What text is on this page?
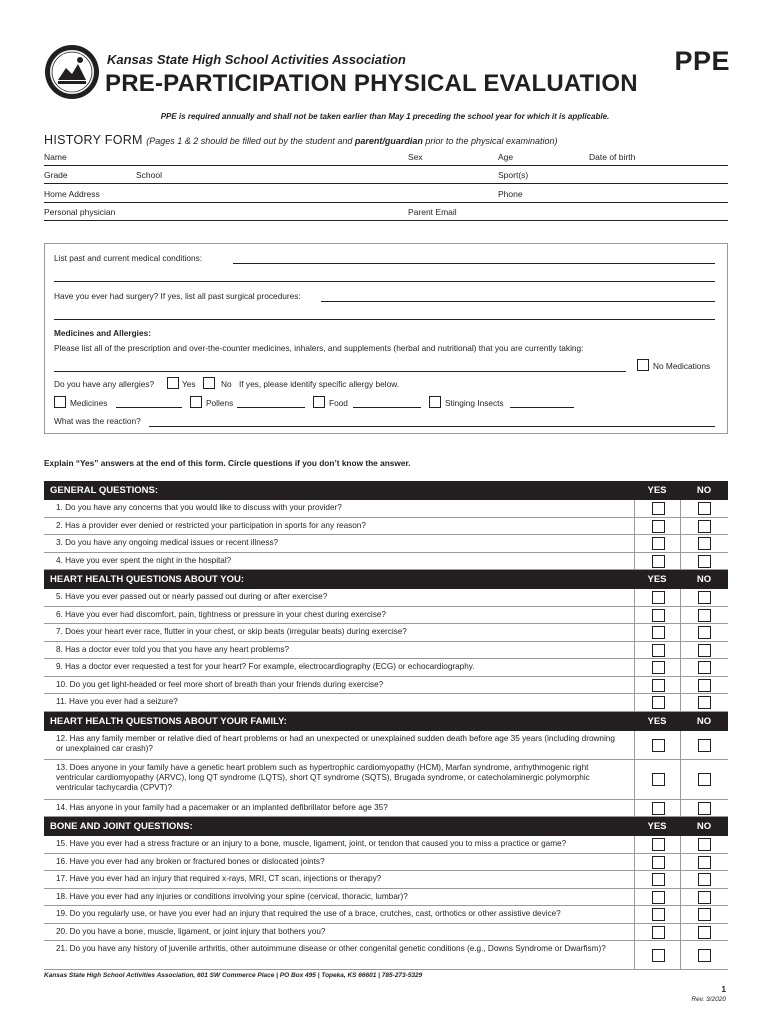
Kansas State High School Activities Association
PRE-PARTICIPATION PHYSICAL EVALUATION
PPE
PPE is required annually and shall not be taken earlier than May 1 preceding the school year for which it is applicable.
HISTORY FORM (Pages 1 & 2 should be filled out by the student and parent/guardian prior to the physical examination)
Name	Sex	Age	Date of birth
Grade	School	Sport(s)
Home Address	Phone
Personal physician	Parent Email
List past and current medical conditions:
Have you ever had surgery? If yes, list all past surgical procedures:
Medicines and Allergies:
Please list all of the prescription and over-the-counter medicines, inhalers, and supplements (herbal and nutritional) that you are currently taking:
No Medications
Do you have any allergies?	Yes	No If yes, please identify specific allergy below.
Medicines	Pollens	Food	Stinging Insects
What was the reaction?
Explain “Yes” answers at the end of this form. Circle questions if you don’t know the answer.
GENERAL QUESTIONS:	YES	NO
1. Do you have any concerns that you would like to discuss with your provider?
2. Has a provider ever denied or restricted your participation in sports for any reason?
3. Do you have any ongoing medical issues or recent illness?
4. Have you ever spent the night in the hospital?
HEART HEALTH QUESTIONS ABOUT YOU:	YES	NO
5. Have you ever passed out or nearly passed out during or after exercise?
6. Have you ever had discomfort, pain, tightness or pressure in your chest during exercise?
7. Does your heart ever race, flutter in your chest, or skip beats (irregular beats) during exercise?
8. Has a doctor ever told you that you have any heart problems?
9. Has a doctor ever requested a test for your heart? For example, electrocardiography (ECG) or echocardiography.
10. Do you get light-headed or feel more short of breath than your friends during exercise?
11. Have you ever had a seizure?
HEART HEALTH QUESTIONS ABOUT YOUR FAMILY:	YES	NO
12. Has any family member or relative died of heart problems or had an unexpected or unexplained sudden death before age 35 years (including drowning or unexplained car crash)?
13. Does anyone in your family have a genetic heart problem such as hypertrophic cardiomyopathy (HCM), Marfan syndrome, arrhythmogenic right ventricular cardiomyopathy (ARVC), long QT syndrome (LQTS), short QT syndrome (SQTS), Brugada syndrome, or catecholaminergic polymorphic ventricular tachycardia (CPVT)?
14. Has anyone in your family had a pacemaker or an implanted defibrillator before age 35?
BONE AND JOINT QUESTIONS:	YES	NO
15. Have you ever had a stress fracture or an injury to a bone, muscle, ligament, joint, or tendon that caused you to miss a practice or game?
16. Have you ever had any broken or fractured bones or dislocated joints?
17. Have you ever had an injury that required x-rays, MRI, CT scan, injections or therapy?
18. Have you ever had any injuries or conditions involving your spine (cervical, thoracic, lumbar)?
19. Do you regularly use, or have you ever had an injury that required the use of a brace, crutches, cast, orthotics or other assistive device?
20. Do you have a bone, muscle, ligament, or joint injury that bothers you?
21. Do you have any history of juvenile arthritis, other autoimmune disease or other congenital genetic conditions (e.g., Downs Syndrome or Dwarfism)?
Kansas State High School Activities Association, 601 SW Commerce Place | PO Box 495 | Topeka, KS 66601 | 785-273-5329
1
Rev. 3/2020
